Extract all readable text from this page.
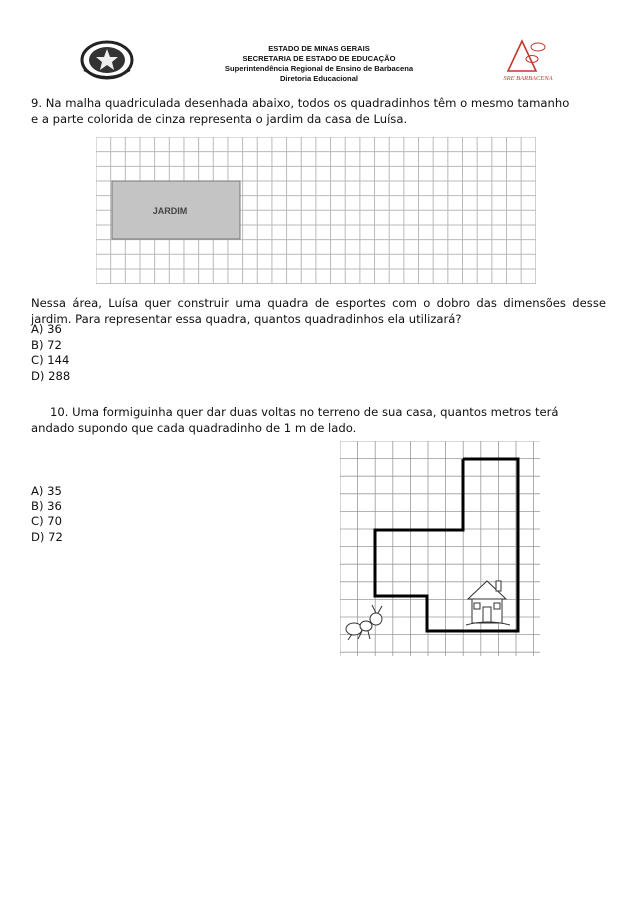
ESTADO DE MINAS GERAIS
SECRETARIA DE ESTADO DE EDUCAÇÃO
Superintendência Regional de Ensino de Barbacena
Diretoria Educacional	SRE BARBACENA
9. Na malha quadriculada desenhada abaixo, todos os quadradinhos têm o mesmo tamanho
e a parte colorida de cinza representa o jardim da casa de Luísa.
JARDIM
Nessa área, Luísa quer construir uma quadra de esportes com o dobro das dimensões desse
jardim. Para representar essa quadra, quantos quadradinhos ela utilizará?
A) 36
B) 72
C) 144
D) 288
10. Uma formiguinha quer dar duas voltas no terreno de sua casa, quantos metros terá
andado supondo que cada quadradinho de 1 m de lado.
A) 35
B) 36
C) 70
D) 72
